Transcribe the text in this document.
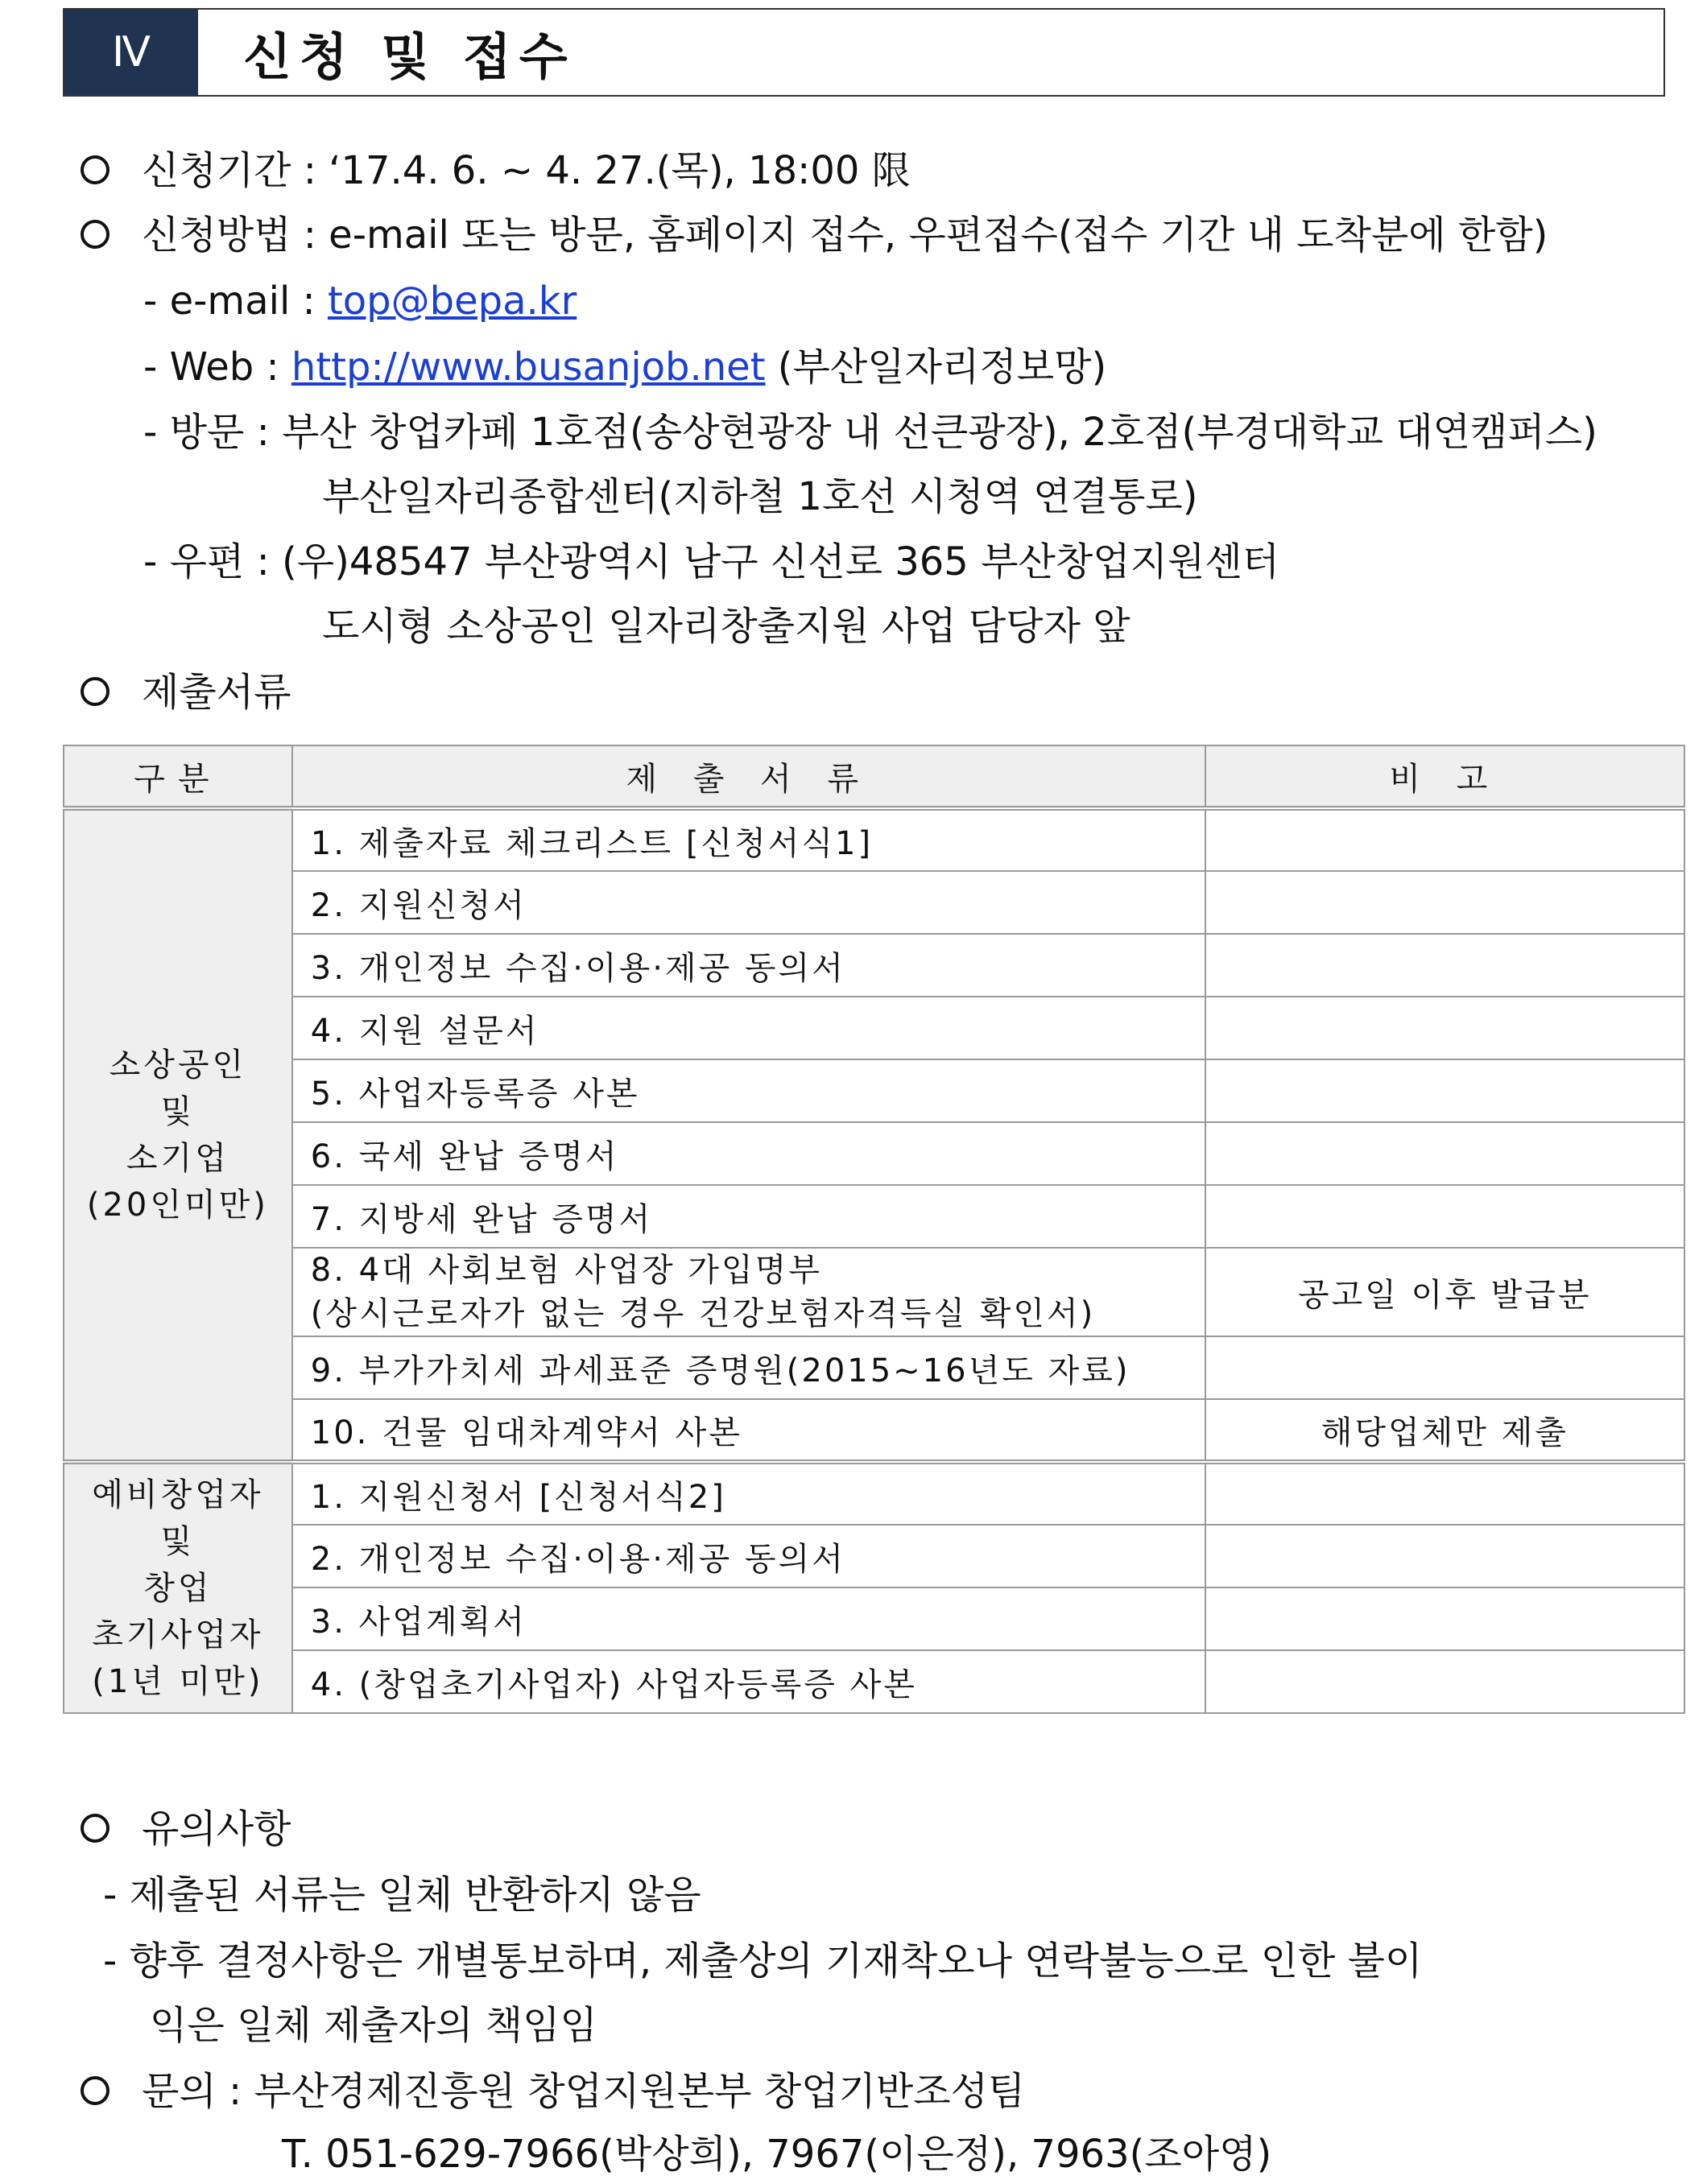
Ⅳ	신청 및 접수
신청기간 : ‘17.4. 6. ~ 4. 27.(목), 18:00 限
신청방법 : e-mail 또는 방문, 홈페이지 접수, 우편접수(접수 기간 내 도착분에 한함)
- e-mail : top@bepa.kr
- Web : http://www.busanjob.net (부산일자리정보망)
- 방문 : 부산 창업카페 1호점(송상현광장 내 선큰광장), 2호점(부경대학교 대연캠퍼스)
부산일자리종합센터(지하철 1호선 시청역 연결통로)
- 우편 : (우)48547 부산광역시 남구 신선로 365 부산창업지원센터
도시형 소상공인 일자리창출지원 사업 담당자 앞
제출서류
구분	제 출 서 류	비 고

소상공인
및
소기업
(20인미만)	1. 제출자료 체크리스트 [신청서식1]	
	2. 지원신청서	
	3. 개인정보 수집·이용·제공 동의서	
	4. 지원 설문서	
	5. 사업자등록증 사본	
	6. 국세 완납 증명서	
	7. 지방세 완납 증명서	

	8. 4대 사회보험 사업장 가입명부
(상시근로자가 없는 경우 건강보험자격득실 확인서)	공고일 이후 발급분
	9. 부가가치세 과세표준 증명원(2015~16년도 자료)	
	10. 건물 임대차계약서 사본	해당업체만 제출

예비창업자
및
창업
초기사업자
(1년 미만)	1. 지원신청서 [신청서식2]	
	2. 개인정보 수집·이용·제공 동의서	
	3. 사업계획서	
	4. (창업초기사업자) 사업자등록증 사본	
유의사항
- 제출된 서류는 일체 반환하지 않음
- 향후 결정사항은 개별통보하며, 제출상의 기재착오나 연락불능으로 인한 불이
익은 일체 제출자의 책임임
문의 : 부산경제진흥원 창업지원본부 창업기반조성팀
T. 051-629-7966(박상희), 7967(이은정), 7963(조아영)
